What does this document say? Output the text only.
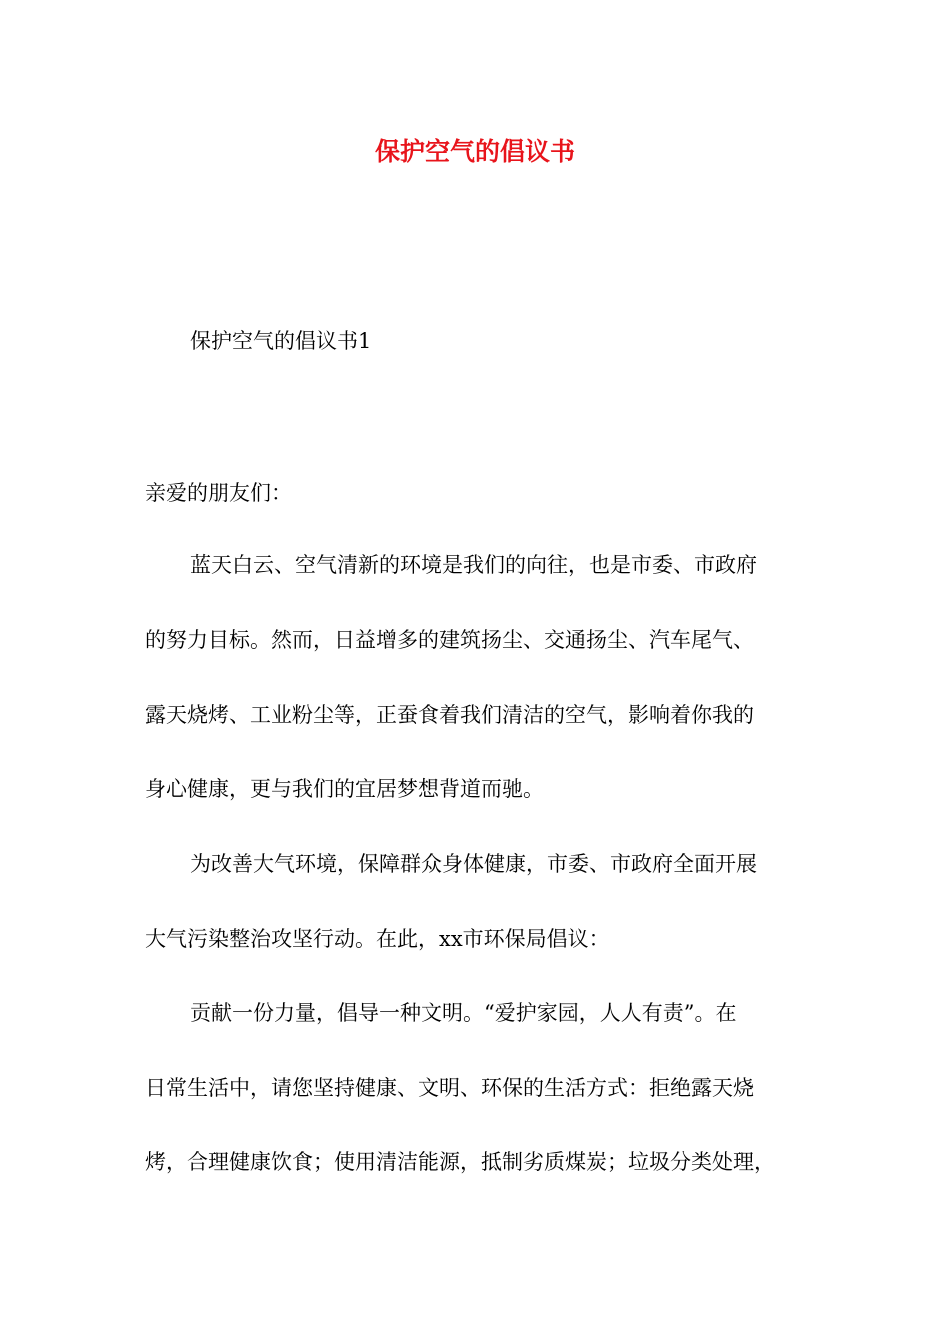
保护空气的倡议书

保护空气的倡议书1

亲爱的朋友们：

蓝天白云、空气清新的环境是我们的向往，也是市委、市政府

的努力目标。然而，日益增多的建筑扬尘、交通扬尘、汽车尾气、

露天烧烤、工业粉尘等，正蚕食着我们清洁的空气，影响着你我的

身心健康，更与我们的宜居梦想背道而驰。

为改善大气环境，保障群众身体健康，市委、市政府全面开展

大气污染整治攻坚行动。在此，xx市环保局倡议：

贡献一份力量，倡导一种文明。“爱护家园，人人有责”。在

日常生活中，请您坚持健康、文明、环保的生活方式：拒绝露天烧

烤，合理健康饮食；使用清洁能源，抵制劣质煤炭；垃圾分类处理，
